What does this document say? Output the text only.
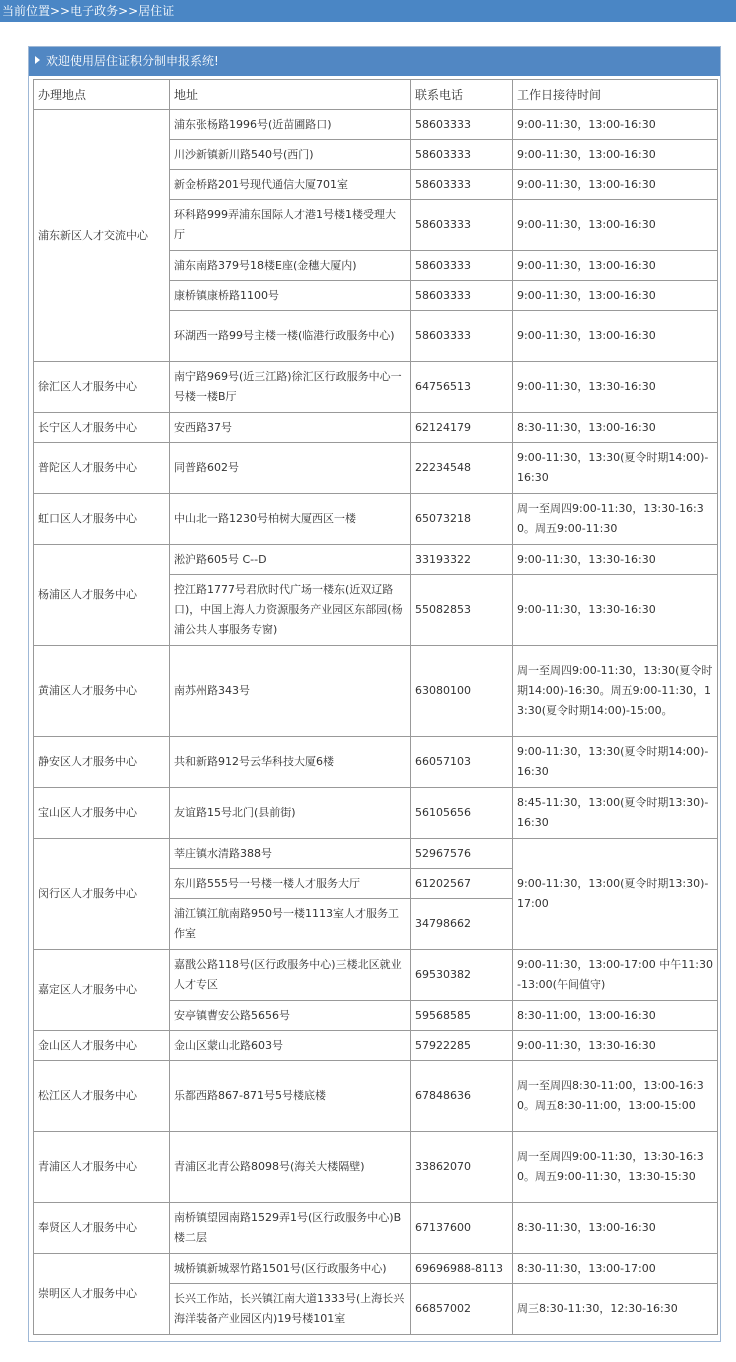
当前位置>>电子政务>>居住证
欢迎使用居住证积分制申报系统!
办理地点	地址	联系电话	工作日接待时间
浦东新区人才交流中心	浦东张杨路1996号(近苗圃路口)	58603333	9:00-11:30，13:00-16:30
	川沙新镇新川路540号(西门)	58603333	9:00-11:30，13:00-16:30
	新金桥路201号现代通信大厦701室	58603333	9:00-11:30，13:00-16:30
	环科路999弄浦东国际人才港1号楼1楼受理大厅	58603333	9:00-11:30，13:00-16:30
	浦东南路379号18楼E座(金穗大厦内)	58603333	9:00-11:30，13:00-16:30
	康桥镇康桥路1100号	58603333	9:00-11:30，13:00-16:30
	环湖西一路99号主楼一楼(临港行政服务中心)	58603333	9:00-11:30，13:00-16:30
徐汇区人才服务中心	南宁路969号(近三江路)徐汇区行政服务中心一号楼一楼B厅	64756513	9:00-11:30，13:30-16:30
长宁区人才服务中心	安西路37号	62124179	8:30-11:30，13:00-16:30
普陀区人才服务中心	同普路602号	22234548	9:00-11:30，13:30(夏令时期14:00)-16:30
虹口区人才服务中心	中山北一路1230号柏树大厦西区一楼	65073218	周一至周四9:00-11:30，13:30-16:30。周五9:00-11:30
杨浦区人才服务中心	淞沪路605号 C--D	33193322	9:00-11:30，13:30-16:30
	控江路1777号君欣时代广场一楼东(近双辽路口)，中国上海人力资源服务产业园区东部园(杨浦公共人事服务专窗)	55082853	9:00-11:30，13:30-16:30
黄浦区人才服务中心	南苏州路343号	63080100	周一至周四9:00-11:30，13:30(夏令时期14:00)-16:30。周五9:00-11:30，13:30(夏令时期14:00)-15:00。
静安区人才服务中心	共和新路912号云华科技大厦6楼	66057103	9:00-11:30，13:30(夏令时期14:00)-16:30
宝山区人才服务中心	友谊路15号北门(县前街)	56105656	8:45-11:30，13:00(夏令时期13:30)-16:30
闵行区人才服务中心	莘庄镇水清路388号	52967576	9:00-11:30，13:00(夏令时期13:30)-17:00
	东川路555号一号楼一楼人才服务大厅	61202567	
	浦江镇江航南路950号一楼1113室人才服务工作室	34798662	
嘉定区人才服务中心	嘉戬公路118号(区行政服务中心)三楼北区就业人才专区	69530382	9:00-11:30，13:00-17:00 中午11:30-13:00(午间值守)
	安亭镇曹安公路5656号	59568585	8:30-11:00，13:00-16:30
金山区人才服务中心	金山区蒙山北路603号	57922285	9:00-11:30，13:30-16:30
松江区人才服务中心	乐都西路867-871号5号楼底楼	67848636	周一至周四8:30-11:00，13:00-16:30。周五8:30-11:00，13:00-15:00
青浦区人才服务中心	青浦区北青公路8098号(海关大楼隔壁)	33862070	周一至周四9:00-11:30，13:30-16:30。周五9:00-11:30，13:30-15:30
奉贤区人才服务中心	南桥镇望园南路1529弄1号(区行政服务中心)B楼二层	67137600	8:30-11:30，13:00-16:30
崇明区人才服务中心	城桥镇新城翠竹路1501号(区行政服务中心)	69696988-8113	8:30-11:30，13:00-17:00
	长兴工作站，长兴镇江南大道1333号(上海长兴海洋装备产业园区内)19号楼101室	66857002	周三8:30-11:30，12:30-16:30
